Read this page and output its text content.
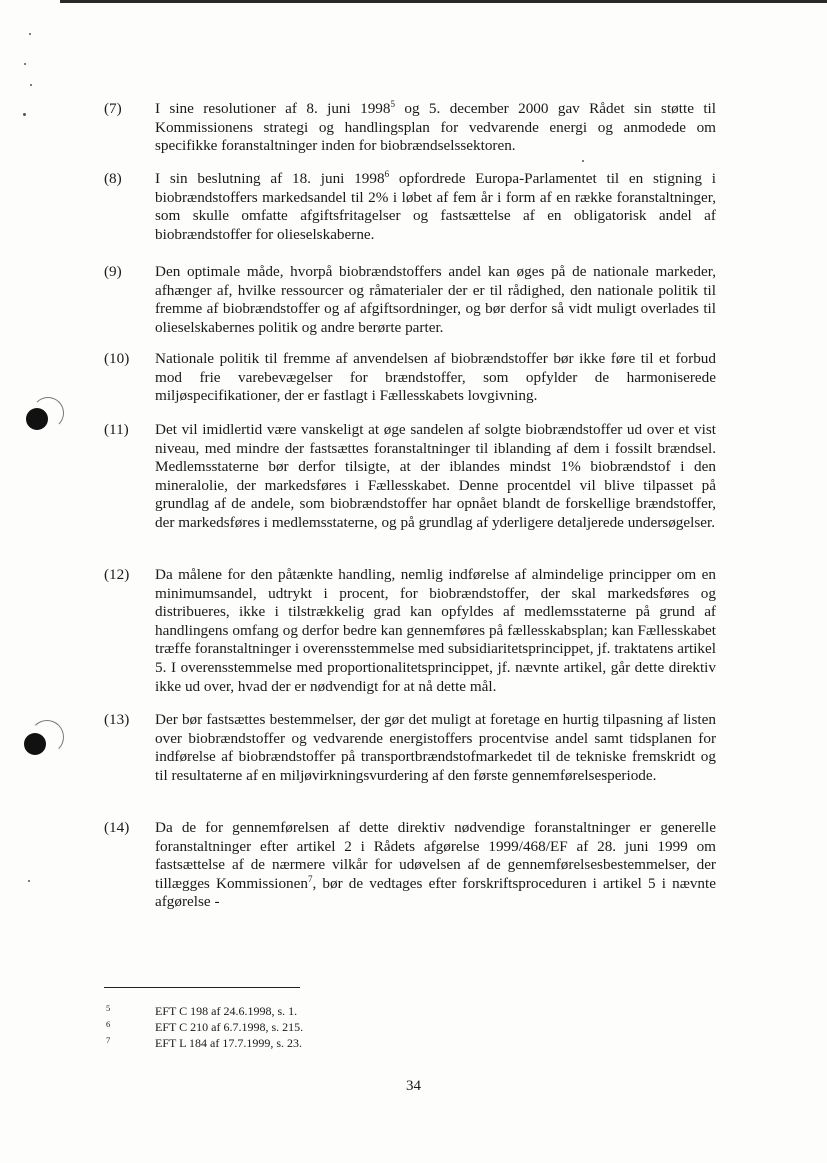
(7)	I sine resolutioner af 8. juni 1998$^5$ og 5. december 2000 gav Rådet sin støtte til Kommissionens strategi og handlingsplan for vedvarende energi og anmodede om specifikke foranstaltninger inden for biobrændselssektoren.
(8)	I sin beslutning af 18. juni 1998$^6$ opfordrede Europa-Parlamentet til en stigning i biobrændstoffers markedsandel til 2% i løbet af fem år i form af en række foranstaltninger, som skulle omfatte afgiftsfritagelser og fastsættelse af en obligatorisk andel af biobrændstoffer for olieselskaberne.
(9)	Den optimale måde, hvorpå biobrændstoffers andel kan øges på de nationale markeder, afhænger af, hvilke ressourcer og råmaterialer der er til rådighed, den nationale politik til fremme af biobrændstoffer og af afgiftsordninger, og bør derfor så vidt muligt overlades til olieselskabernes politik og andre berørte parter.
(10)	Nationale politik til fremme af anvendelsen af biobrændstoffer bør ikke føre til et forbud mod frie varebevægelser for brændstoffer, som opfylder de harmoniserede miljøspecifikationer, der er fastlagt i Fællesskabets lovgivning.
(11)	Det vil imidlertid være vanskeligt at øge sandelen af solgte biobrændstoffer ud over et vist niveau, med mindre der fastsættes foranstaltninger til iblanding af dem i fossilt brændsel. Medlemsstaterne bør derfor tilsigte, at der iblandes mindst 1% biobrændstof i den mineralolie, der markedsføres i Fællesskabet. Denne procentdel vil blive tilpasset på grundlag af de andele, som biobrændstoffer har opnået blandt de forskellige brændstoffer, der markedsføres i medlemsstaterne, og på grundlag af yderligere detaljerede undersøgelser.
(12)	Da målene for den påtænkte handling, nemlig indførelse af almindelige principper om en minimumsandel, udtrykt i procent, for biobrændstoffer, der skal markedsføres og distribueres, ikke i tilstrækkelig grad kan opfyldes af medlemsstaterne på grund af handlingens omfang og derfor bedre kan gennemføres på fællesskabsplan; kan Fællesskabet træffe foranstaltninger i overensstemmelse med subsidiaritetsprincippet, jf. traktatens artikel 5. I overensstemmelse med proportionalitetsprincippet, jf. nævnte artikel, går dette direktiv ikke ud over, hvad der er nødvendigt for at nå dette mål.
(13)	Der bør fastsættes bestemmelser, der gør det muligt at foretage en hurtig tilpasning af listen over biobrændstoffer og vedvarende energistoffers procentvise andel samt tidsplanen for indførelse af biobrændstoffer på transportbrændstofmarkedet til de tekniske fremskridt og til resultaterne af en miljøvirkningsvurdering af den første gennemførelsesperiode.
(14)	Da de for gennemførelsen af dette direktiv nødvendige foranstaltninger er generelle foranstaltninger efter artikel 2 i Rådets afgørelse 1999/468/EF af 28. juni 1999 om fastsættelse af de nærmere vilkår for udøvelsen af de gennemførelsesbestemmelser, der tillægges Kommissionen$^7$, bør de vedtages efter forskriftsproceduren i artikel 5 i nævnte afgørelse -
5	EFT C 198 af 24.6.1998, s. 1.
6	EFT C 210 af 6.7.1998, s. 215.
7	EFT L 184 af 17.7.1999, s. 23.
34
